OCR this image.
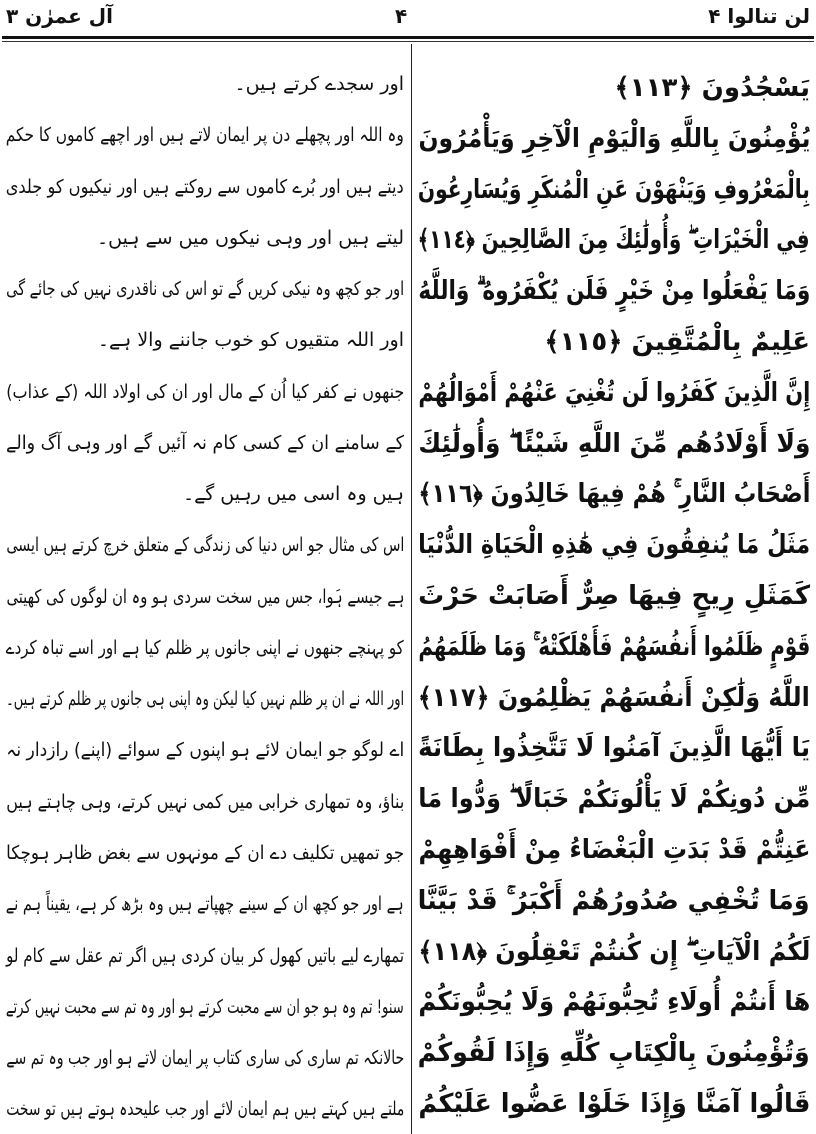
لن تنالوا ۴
۴
آل عمرٰن ۳
يَسْجُدُونَ ﴿١١٣﴾
يُؤْمِنُونَ بِاللَّهِ وَالْيَوْمِ الْآخِرِ وَيَأْمُرُونَ
بِالْمَعْرُوفِ وَيَنْهَوْنَ عَنِ الْمُنكَرِ وَيُسَارِعُونَ
فِي الْخَيْرَاتِ ۖ وَأُولَٰئِكَ مِنَ الصَّالِحِينَ ﴿١١٤﴾
وَمَا يَفْعَلُوا مِنْ خَيْرٍ فَلَن يُكْفَرُوهُ ۗ وَاللَّهُ
عَلِيمٌ بِالْمُتَّقِينَ ﴿١١٥﴾
إِنَّ الَّذِينَ كَفَرُوا لَن تُغْنِيَ عَنْهُمْ أَمْوَالُهُمْ
وَلَا أَوْلَادُهُم مِّنَ اللَّهِ شَيْئًا ۖ وَأُولَٰئِكَ
أَصْحَابُ النَّارِ ۚ هُمْ فِيهَا خَالِدُونَ ﴿١١٦﴾
مَثَلُ مَا يُنفِقُونَ فِي هَٰذِهِ الْحَيَاةِ الدُّنْيَا
كَمَثَلِ رِيحٍ فِيهَا صِرٌّ أَصَابَتْ حَرْثَ
قَوْمٍ ظَلَمُوا أَنفُسَهُمْ فَأَهْلَكَتْهُ ۚ وَمَا ظَلَمَهُمُ
اللَّهُ وَلَٰكِنْ أَنفُسَهُمْ يَظْلِمُونَ ﴿١١٧﴾
يَا أَيُّهَا الَّذِينَ آمَنُوا لَا تَتَّخِذُوا بِطَانَةً
مِّن دُونِكُمْ لَا يَأْلُونَكُمْ خَبَالًا ۖ وَدُّوا مَا
عَنِتُّمْ قَدْ بَدَتِ الْبَغْضَاءُ مِنْ أَفْوَاهِهِمْ
وَمَا تُخْفِي صُدُورُهُمْ أَكْبَرُ ۚ قَدْ بَيَّنَّا
لَكُمُ الْآيَاتِ ۖ إِن كُنتُمْ تَعْقِلُونَ ﴿١١٨﴾
هَا أَنتُمْ أُولَاءِ تُحِبُّونَهُمْ وَلَا يُحِبُّونَكُمْ
وَتُؤْمِنُونَ بِالْكِتَابِ كُلِّهِ وَإِذَا لَقُوكُمْ
قَالُوا آمَنَّا وَإِذَا خَلَوْا عَضُّوا عَلَيْكُمُ
اور سجدے کرتے ہیں۔
وہ اللہ اور پچھلے دن پر ایمان لاتے ہیں اور اچھے کاموں کا حکم
دیتے ہیں اور بُرے کاموں سے روکتے ہیں اور نیکیوں کو جلدی
لیتے ہیں اور وہی نیکوں میں سے ہیں۔
اور جو کچھ وہ نیکی کریں گے تو اس کی ناقدری نہیں کی جائے گی
اور اللہ متقیوں کو خوب جاننے والا ہے۔
جنھوں نے کفر کیا اُن کے مال اور ان کی اولاد اللہ (کے عذاب)
کے سامنے ان کے کسی کام نہ آئیں گے اور وہی آگ والے
ہیں وہ اسی میں رہیں گے۔
اس کی مثال جو اس دنیا کی زندگی کے متعلق خرچ کرتے ہیں ایسی
ہے جیسے ہَوا، جس میں سخت سردی ہو وہ ان لوگوں کی کھیتی
کو پہنچے جنھوں نے اپنی جانوں پر ظلم کیا ہے اور اسے تباہ کردے
اور اللہ نے ان پر ظلم نہیں کیا لیکن وہ اپنی ہی جانوں پر ظلم کرتے ہیں۔
اے لوگو جو ایمان لائے ہو اپنوں کے سوائے (اپنے) رازدار نہ
بناؤ، وہ تمھاری خرابی میں کمی نہیں کرتے، وہی چاہتے ہیں
جو تمھیں تکلیف دے ان کے مونہوں سے بغض ظاہر ہوچکا
ہے اور جو کچھ ان کے سینے چھپاتے ہیں وہ بڑھ کر ہے، یقیناً ہم نے
تمھارے لیے باتیں کھول کر بیان کردی ہیں اگر تم عقل سے کام لو
سنو! تم وہ ہو جو ان سے محبت کرتے ہو اور وہ تم سے محبت نہیں کرتے
حالانکہ تم ساری کی ساری کتاب پر ایمان لاتے ہو اور جب وہ تم سے
ملتے ہیں کہتے ہیں ہم ایمان لائے اور جب علیحدہ ہوتے ہیں تو سخت
